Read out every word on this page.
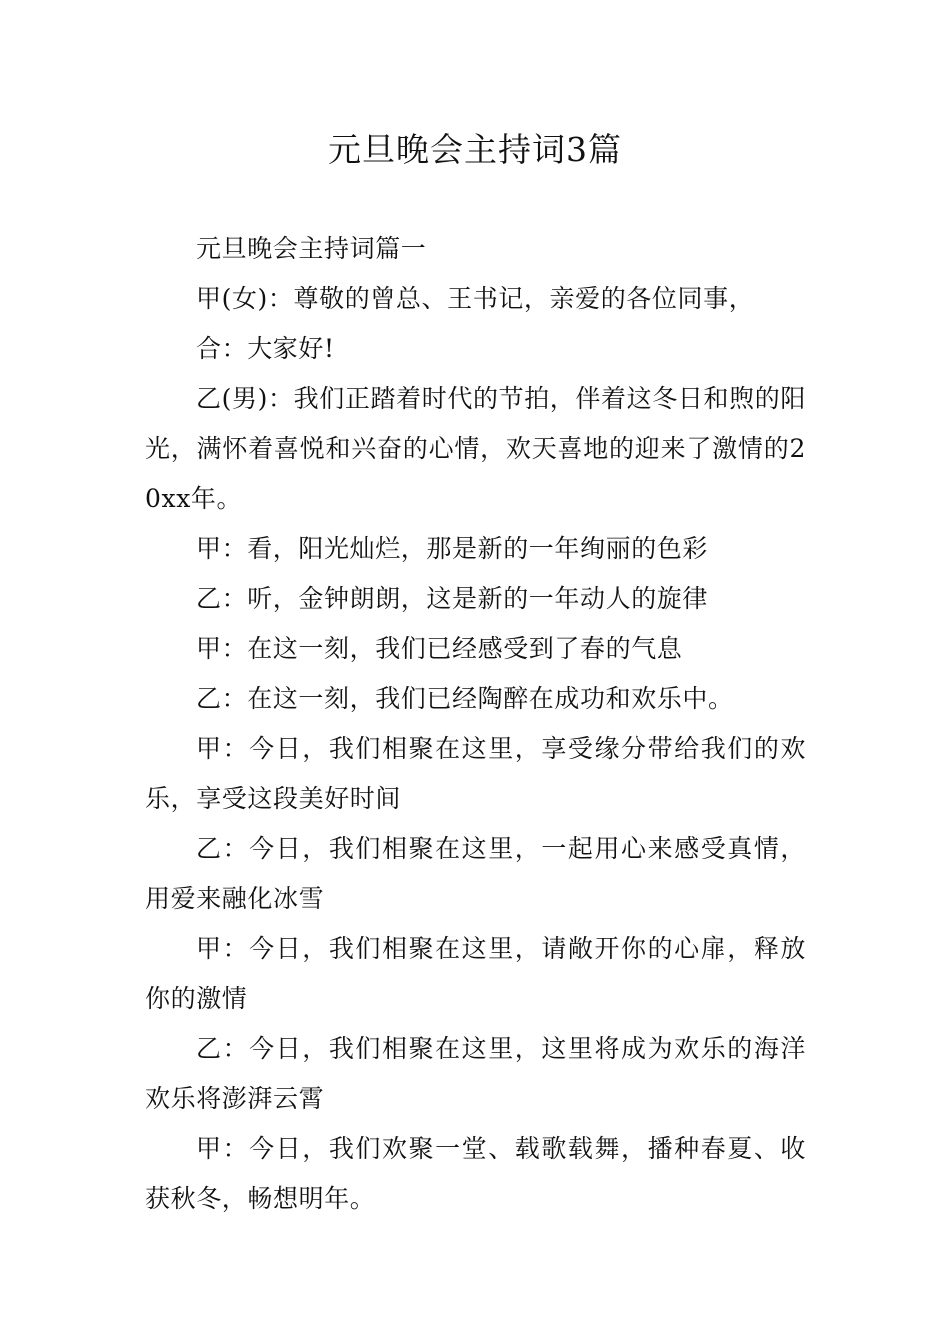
元旦晚会主持词3篇

元旦晚会主持词篇一

甲(女)：尊敬的曾总、王书记，亲爱的各位同事，

合：大家好!

乙(男)：我们正踏着时代的节拍，伴着这冬日和煦的阳光，满怀着喜悦和兴奋的心情，欢天喜地的迎来了激情的20xx年。

甲：看，阳光灿烂，那是新的一年绚丽的色彩

乙：听，金钟朗朗，这是新的一年动人的旋律

甲：在这一刻，我们已经感受到了春的气息

乙：在这一刻，我们已经陶醉在成功和欢乐中。

甲：今日，我们相聚在这里，享受缘分带给我们的欢乐，享受这段美好时间

乙：今日，我们相聚在这里，一起用心来感受真情，用爱来融化冰雪

甲：今日，我们相聚在这里，请敞开你的心扉，释放你的激情

乙：今日，我们相聚在这里，这里将成为欢乐的海洋欢乐将澎湃云霄

甲：今日，我们欢聚一堂、载歌载舞，播种春夏、收获秋冬，畅想明年。
